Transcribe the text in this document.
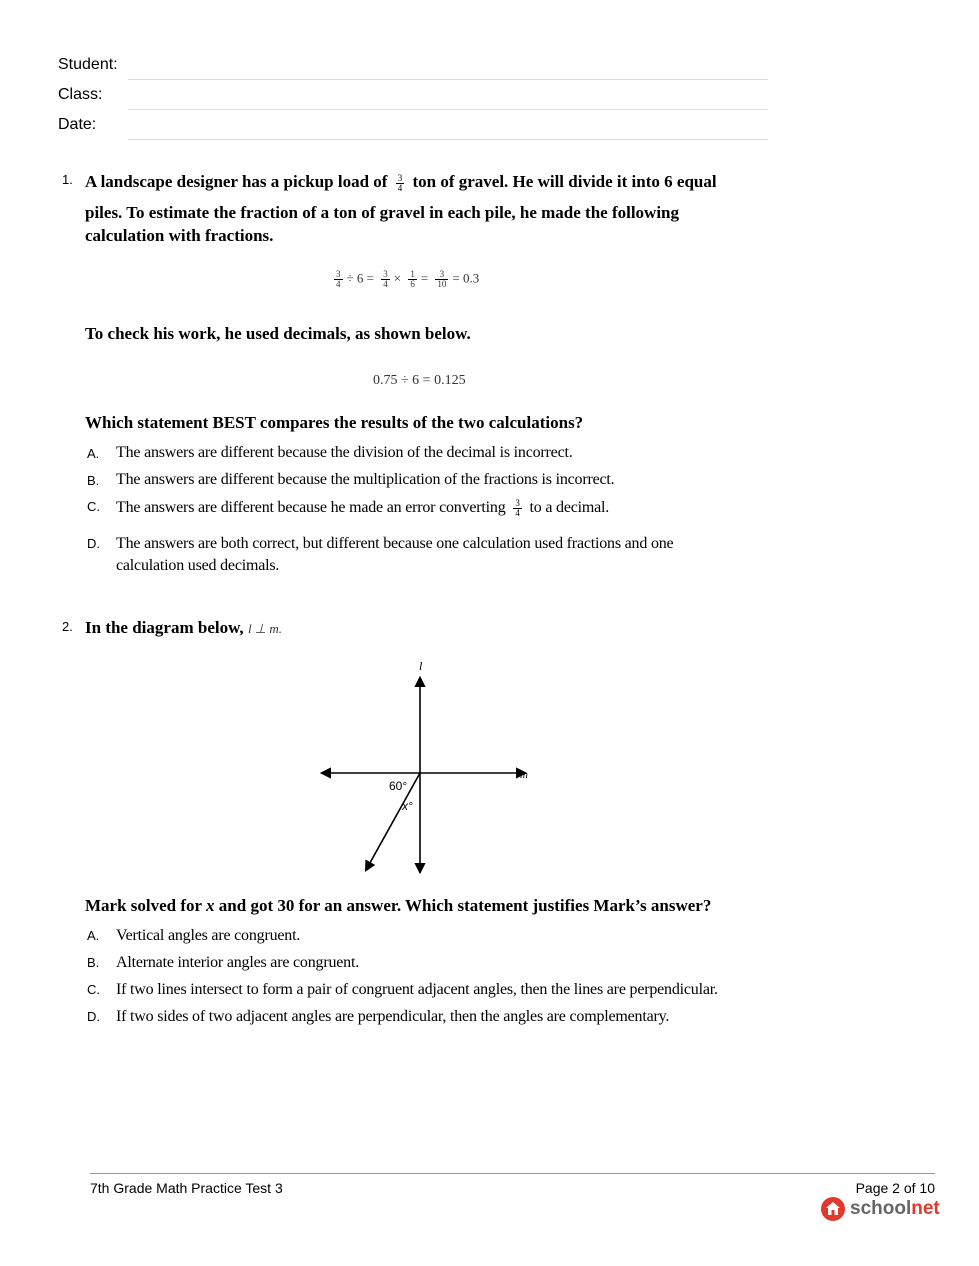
Student:
Class:
Date:
1. A landscape designer has a pickup load of $\frac{3}{4}$ ton of gravel. He will divide it into 6 equal
piles. To estimate the fraction of a ton of gravel in each pile, he made the following
calculation with fractions.
$\frac{3}{4} \div 6 = \frac{3}{4} \times \frac{1}{6} = \frac{3}{10} = 0.3$
To check his work, he used decimals, as shown below.
0.75 ÷ 6 = 0.125
Which statement BEST compares the results of the two calculations?
A. The answers are different because the division of the decimal is incorrect.
B. The answers are different because the multiplication of the fractions is incorrect.
C. The answers are different because he made an error converting $\frac{3}{4}$ to a decimal.
D. The answers are both correct, but different because one calculation used fractions and one
calculation used decimals.
2. In the diagram below, l ⊥ m.
l
m
60°
x°
Mark solved for x and got 30 for an answer. Which statement justifies Mark’s answer?
A. Vertical angles are congruent.
B. Alternate interior angles are congruent.
C. If two lines intersect to form a pair of congruent adjacent angles, then the lines are perpendicular.
D. If two sides of two adjacent angles are perpendicular, then the angles are complementary.
7th Grade Math Practice Test 3	Page 2 of 10
schoolnet
